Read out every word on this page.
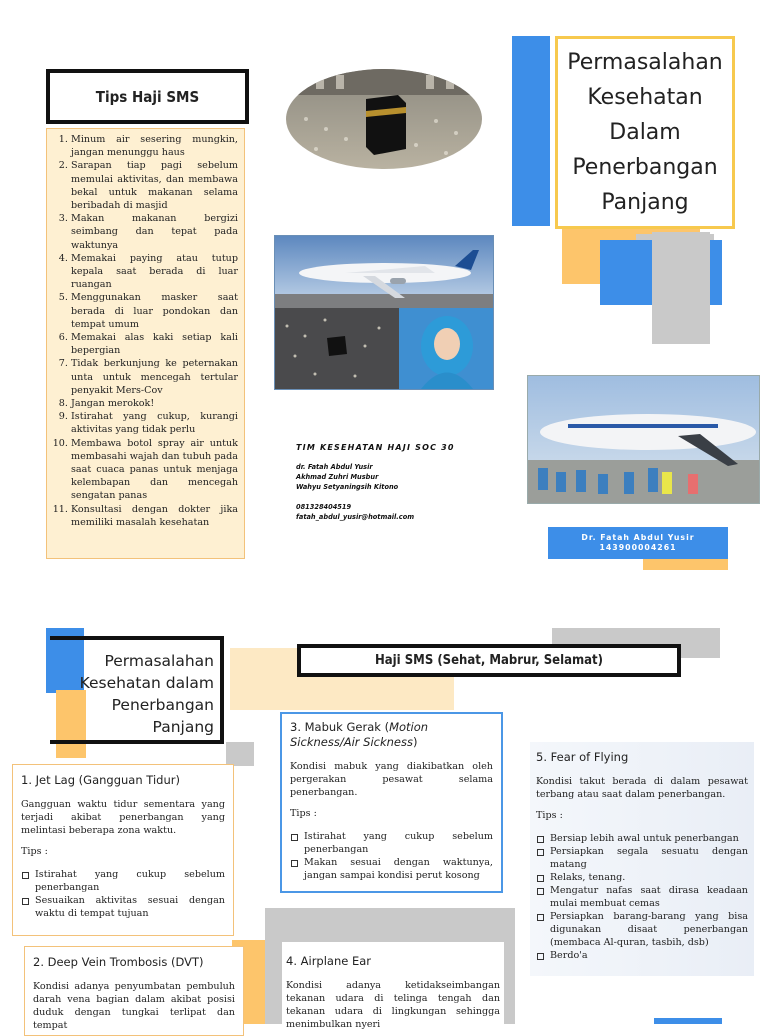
Tips Haji SMS
1. Minum air sesering mungkin, jangan menunggu haus
2. Sarapan tiap pagi sebelum memulai aktivitas, dan membawa bekal untuk makanan selama beribadah di masjid
3. Makan makanan bergizi seimbang dan tepat pada waktunya
4. Memakai paying atau tutup kepala saat berada di luar ruangan
5. Menggunakan masker saat berada di luar pondokan dan tempat umum
6. Memakai alas kaki setiap kali bepergian
7. Tidak berkunjung ke peternakan unta untuk mencegah tertular penyakit Mers-Cov
8. Jangan merokok!
9. Istirahat yang cukup, kurangi aktivitas yang tidak perlu
10. Membawa botol spray air untuk membasahi wajah dan tubuh pada saat cuaca panas untuk menjaga kelembapan dan mencegah sengatan panas
11. Konsultasi dengan dokter jika memiliki masalah kesehatan
Permasalahan
Kesehatan
Dalam
Penerbangan
Panjang
TIM KESEHATAN HAJI SOC 30
dr. Fatah Abdul Yusir
Akhmad Zuhri Musbur
Wahyu Setyaningsih Kitono
081328404519
fatah_abdul_yusir@hotmail.com
Dr. Fatah Abdul Yusir
143900004261
Permasalahan
Kesehatan dalam
Penerbangan
Panjang
Haji SMS (Sehat, Mabrur, Selamat)
1. Jet Lag (Gangguan Tidur)

Gangguan waktu tidur sementara yang terjadi akibat penerbangan yang melintasi beberapa zona waktu.

Tips :

Istirahat yang cukup sebelum penerbangan
Sesuaikan aktivitas sesuai dengan waktu di tempat tujuan
2. Deep Vein Trombosis (DVT)

Kondisi adanya penyumbatan pembuluh darah vena bagian dalam akibat posisi duduk dengan tungkai terlipat dan tempat

3. Mabuk Gerak (Motion Sickness/Air Sickness)

Kondisi mabuk yang diakibatkan oleh pergerakan pesawat selama penerbangan.

Tips :

Istirahat yang cukup sebelum penerbangan
Makan sesuai dengan waktunya, jangan sampai kondisi perut kosong
4. Airplane Ear

Kondisi adanya ketidakseimbangan tekanan udara di telinga tengah dan tekanan udara di lingkungan sehingga menimbulkan nyeri

5. Fear of Flying

Kondisi takut berada di dalam pesawat terbang atau saat dalam penerbangan.

Tips :

Bersiap lebih awal untuk penerbangan
Persiapkan segala sesuatu dengan matang
Relaks, tenang.
Mengatur nafas saat dirasa keadaan mulai membuat cemas
Persiapkan barang-barang yang bisa digunakan disaat penerbangan (membaca Al-quran, tasbih, dsb)
Berdo'a
